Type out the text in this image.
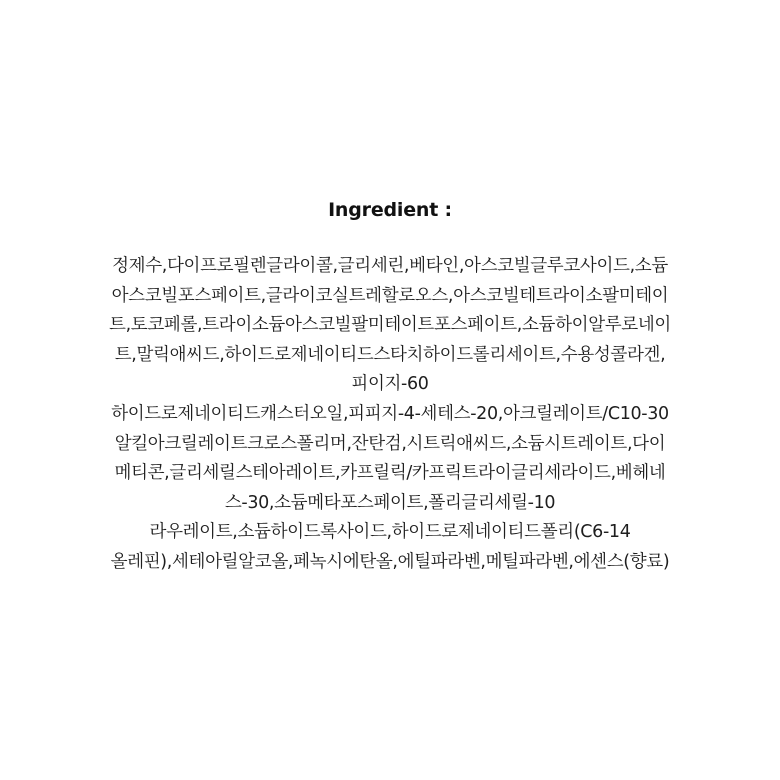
Ingredient :
정제수,다이프로필렌글라이콜,글리세린,베타인,아스코빌글루코사이드,소듐
아스코빌포스페이트,글라이코실트레할로오스,아스코빌테트라이소팔미테이
트,토코페롤,트라이소듐아스코빌팔미테이트포스페이트,소듐하이알루로네이
트,말릭애씨드,하이드로제네이티드스타치하이드롤리세이트,수용성콜라겐,
피이지-60
하이드로제네이티드캐스터오일,피피지-4-세테스-20,아크릴레이트/C10-30
알킬아크릴레이트크로스폴리머,잔탄검,시트릭애씨드,소듐시트레이트,다이
메티콘,글리세릴스테아레이트,카프릴릭/카프릭트라이글리세라이드,베헤네
스-30,소듐메타포스페이트,폴리글리세릴-10
라우레이트,소듐하이드록사이드,하이드로제네이티드폴리(C6-14
올레핀),세테아릴알코올,페녹시에탄올,에틸파라벤,메틸파라벤,에센스(향료)
